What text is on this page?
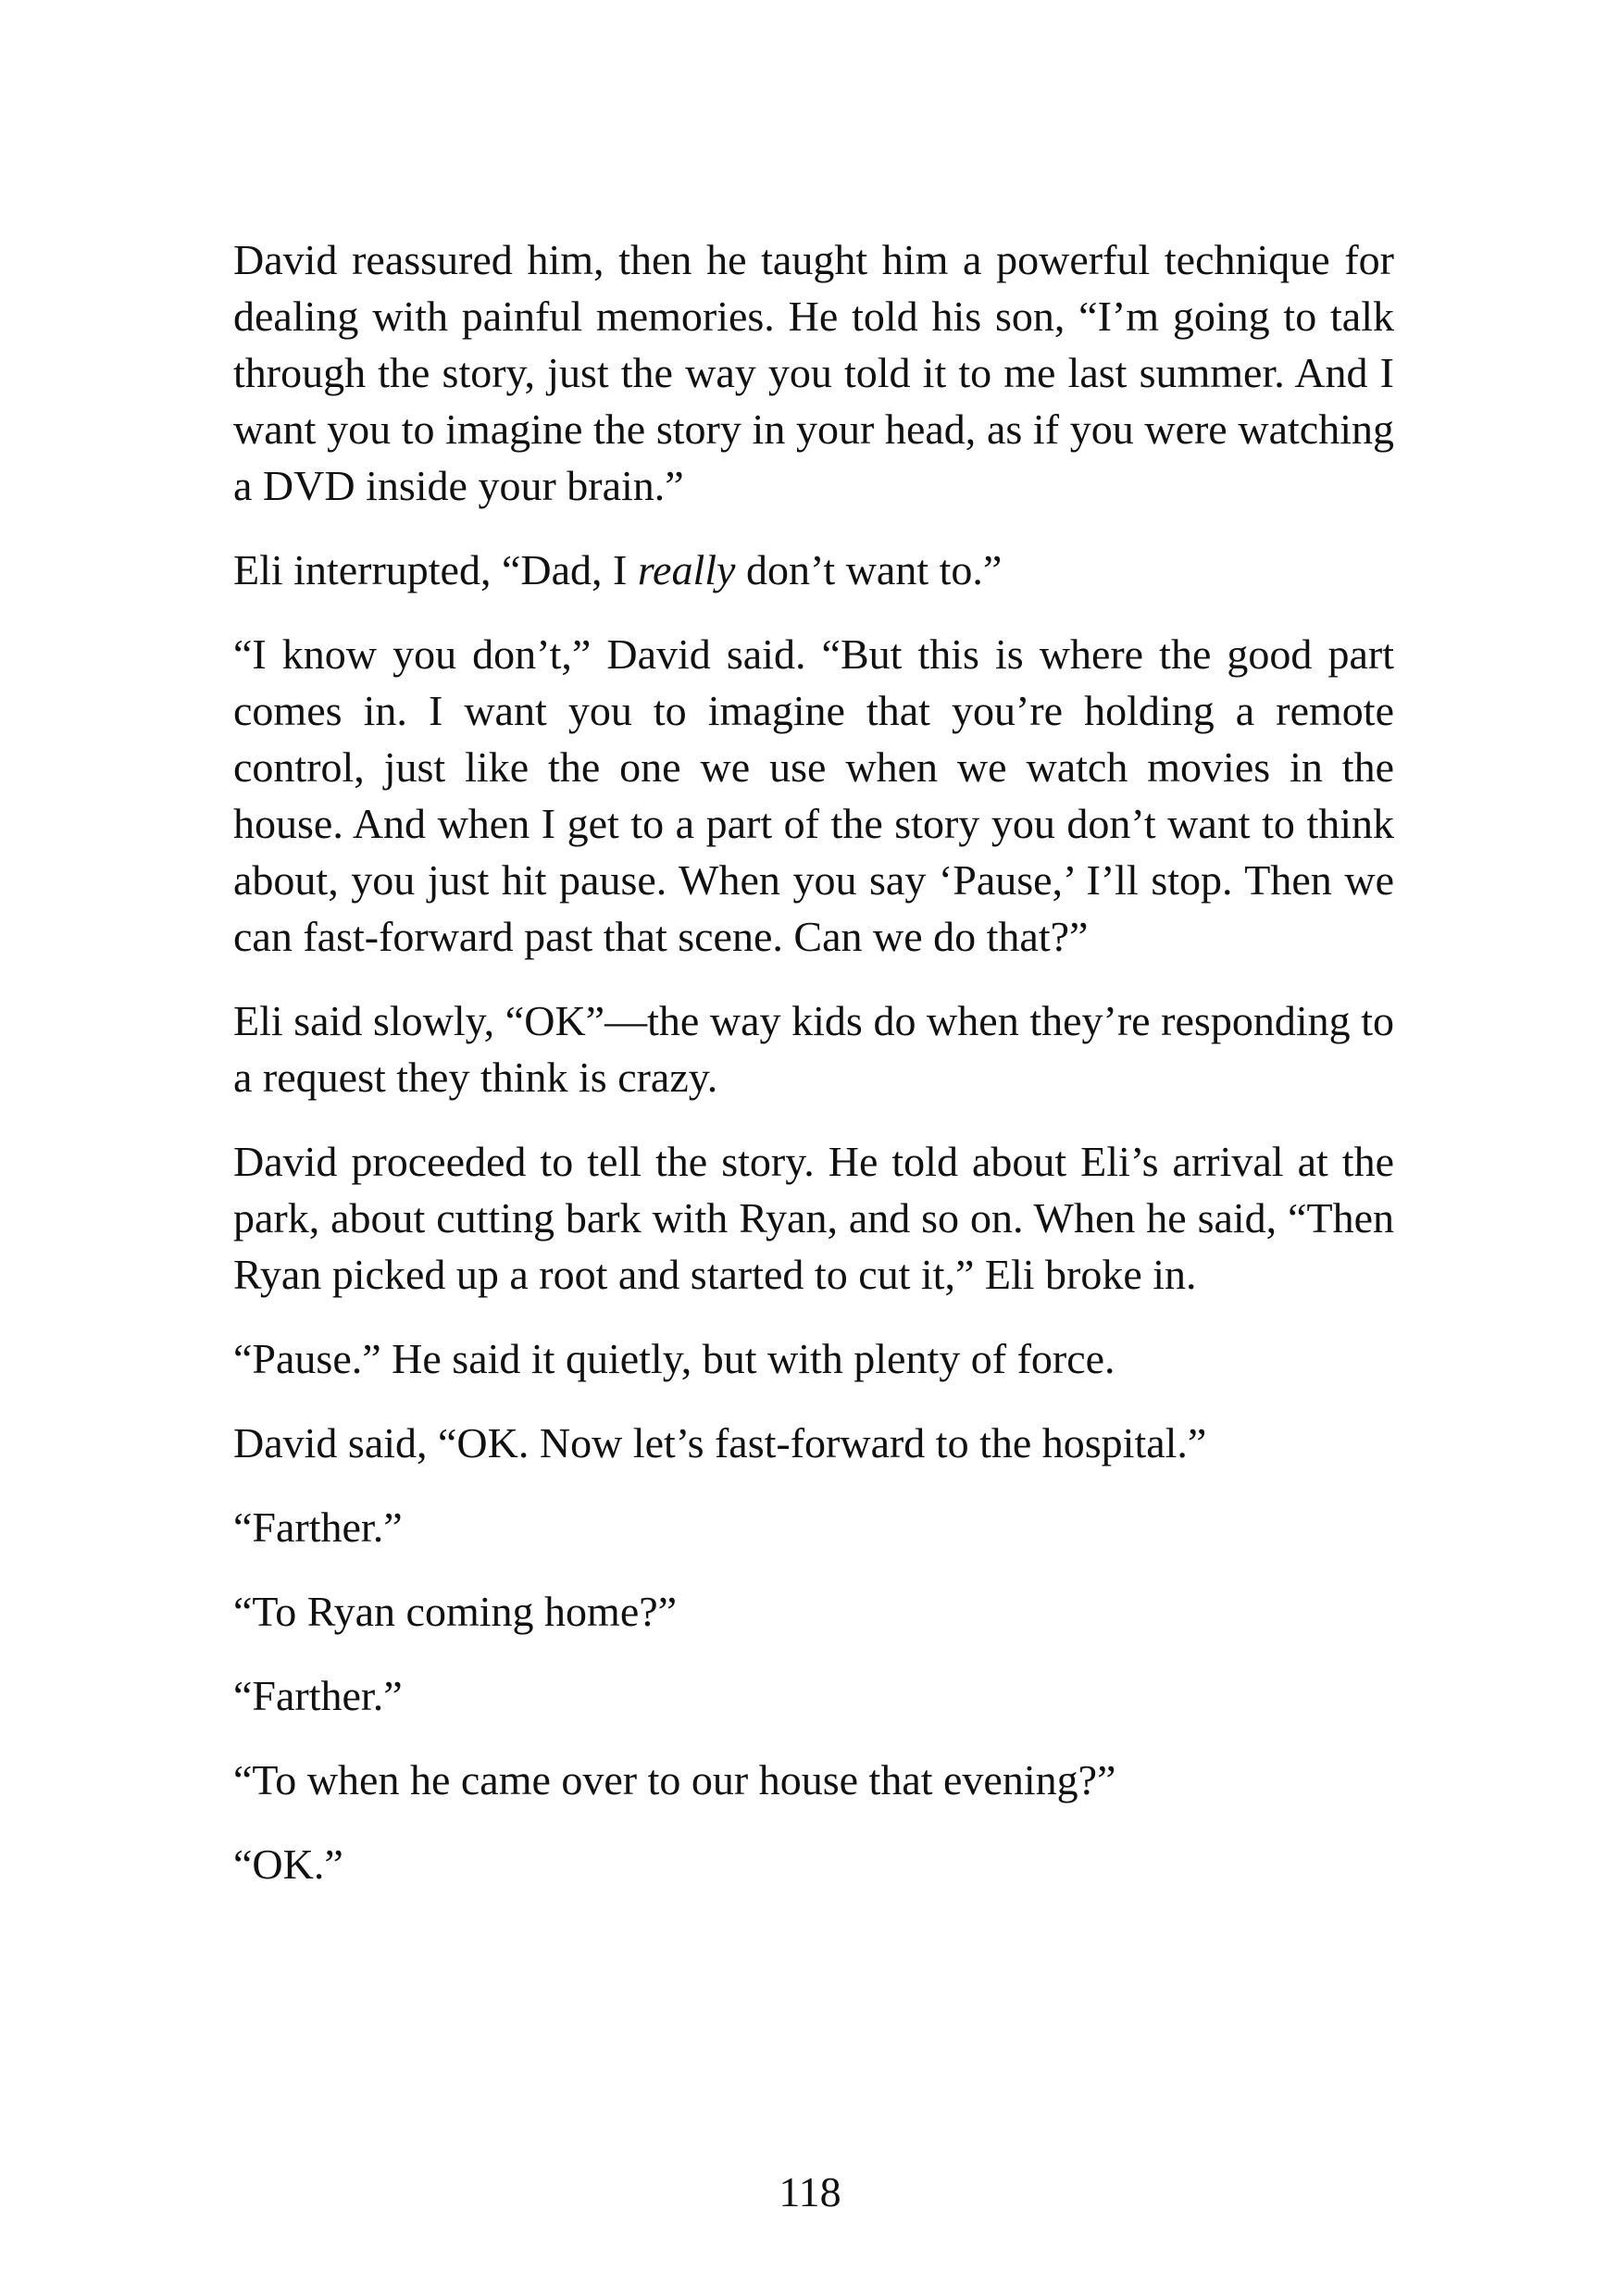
David reassured him, then he taught him a powerful technique for dealing with painful memories. He told his son, “I’m going to talk through the story, just the way you told it to me last summer. And I want you to imagine the story in your head, as if you were watching a DVD inside your brain.”

Eli interrupted, “Dad, I really don’t want to.”

“I know you don’t,” David said. “But this is where the good part comes in. I want you to imagine that you’re holding a remote control, just like the one we use when we watch movies in the house. And when I get to a part of the story you don’t want to think about, you just hit pause. When you say ‘Pause,’ I’ll stop. Then we can fast-forward past that scene. Can we do that?”

Eli said slowly, “OK”—the way kids do when they’re responding to a request they think is crazy.

David proceeded to tell the story. He told about Eli’s arrival at the park, about cutting bark with Ryan, and so on. When he said, “Then Ryan picked up a root and started to cut it,” Eli broke in.

“Pause.” He said it quietly, but with plenty of force.

David said, “OK. Now let’s fast-forward to the hospital.”

“Farther.”

“To Ryan coming home?”

“Farther.”

“To when he came over to our house that evening?”

“OK.”

118
